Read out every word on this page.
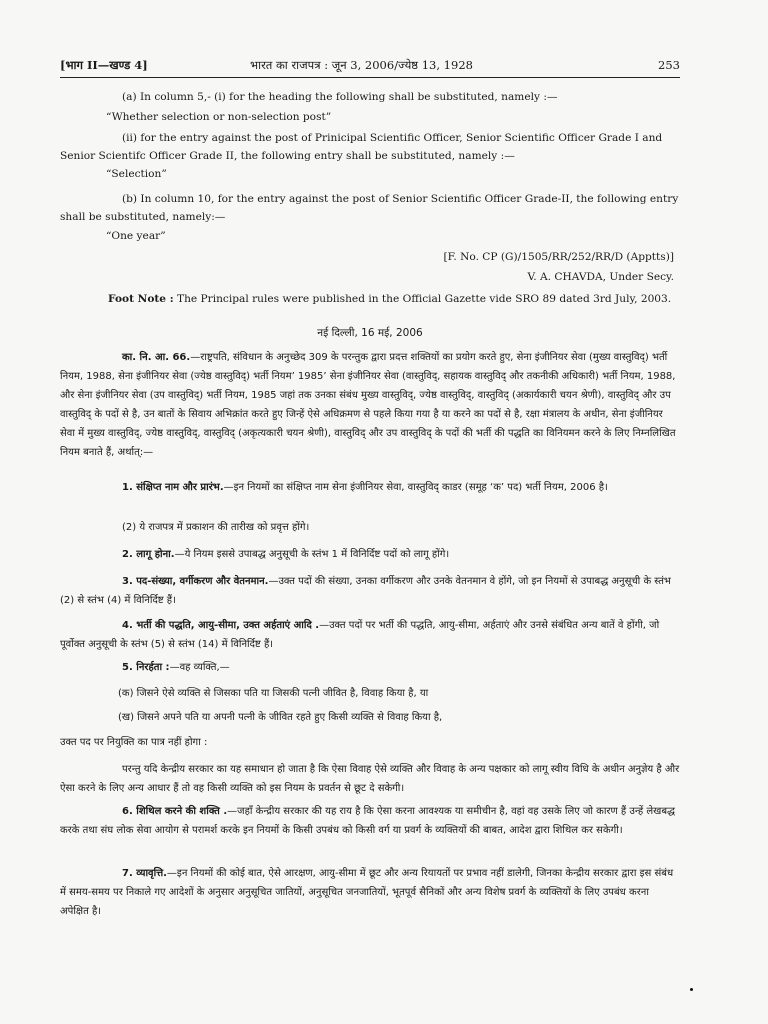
[भाग II—खण्ड 4]	भारत का राजपत्र : जून 3, 2006/ज्येष्ठ 13, 1928	253
(a) In column 5,- (i) for the heading the following shall be substituted, namely :—
“Whether selection or non-selection post”
(ii) for the entry against the post of Prinicipal Scientific Officer, Senior Scientific Officer Grade I and Senior Scientifc Officer Grade II, the following entry shall be substituted, namely :—
“Selection”
(b) In column 10, for the entry against the post of Senior Scientific Officer Grade-II, the following entry shall be substituted, namely:—
“One year”
[F. No. CP (G)/1505/RR/252/RR/D (Apptts)]
V. A. CHAVDA, Under Secy.
Foot Note : The Principal rules were published in the Official Gazette vide SRO 89 dated 3rd July, 2003.
नई दिल्ली, 16 मई, 2006
का. नि. आ. 66.—राष्ट्रपति, संविधान के अनुच्छेद 309 के परन्तुक द्वारा प्रदत्त शक्तियों का प्रयोग करते हुए, सेना इंजीनियर सेवा (मुख्य वास्तुविद्) भर्ती नियम, 1988, सेना इंजीनियर सेवा (ज्येष्ठ वास्तुविद्) भर्ती नियम’ 1985’ सेना इंजीनियर सेवा (वास्तुविद्, सहायक वास्तुविद् और तकनीकी अधिकारी) भर्ती नियम, 1988, और सेना इंजीनियर सेवा (उप वास्तुविद्) भर्ती नियम, 1985 जहां तक उनका संबंध मुख्य वास्तुविद्, ज्येष्ठ वास्तुविद्, वास्तुविद् (अकार्यकारी चयन श्रेणी), वास्तुविद् और उप वास्तुविद् के पदों से है, उन बातों के सिवाय अभिक्रांत करते हुए जिन्हें ऐसे अधिक्रमण से पहले किया गया है या करने का पदों से है, रक्षा मंत्रालय के अधीन, सेना इंजीनियर सेवा में मुख्य वास्तुविद्, ज्येष्ठ वास्तुविद्, वास्तुविद् (अकृत्यकारी चयन श्रेणी), वास्तुविद् और उप वास्तुविद् के पदों की भर्ती की पद्धति का विनियमन करने के लिए निम्नलिखित नियम बनाते हैं, अर्थात्:—
1. संक्षिप्त नाम और प्रारंभ.—इन नियमों का संक्षिप्त नाम सेना इंजीनियर सेवा, वास्तुविद् काडर (समूह ‘क’ पद) भर्ती नियम, 2006 है।
(2) ये राजपत्र में प्रकाशन की तारीख को प्रवृत्त होंगे।
2. लागू होना.—ये नियम इससे उपाबद्ध अनुसूची के स्तंभ 1 में विनिर्दिष्ट पदों को लागू होंगे।
3. पद-संख्या, वर्गीकरण और वेतनमान.—उक्त पदों की संख्या, उनका वर्गीकरण और उनके वेतनमान वे होंगे, जो इन नियमों से उपाबद्ध अनुसूची के स्तंभ (2) से स्तंभ (4) में विनिर्दिष्ट हैं।
4. भर्ती की पद्धति, आयु-सीमा, उक्त अर्हताएं आदि .—उक्त पदों पर भर्ती की पद्धति, आयु-सीमा, अर्हताएं और उनसे संबंधित अन्य बातें वे होंगी, जो पूर्वोक्त अनुसूची के स्तंभ (5) से स्तंभ (14) में विनिर्दिष्ट हैं।
5. निरर्हता :—वह व्यक्ति,—
(क) जिसने ऐसे व्यक्ति से जिसका पति या जिसकी पत्नी जीवित है, विवाह किया है, या
(ख) जिसने अपने पति या अपनी पत्नी के जीवित रहते हुए किसी व्यक्ति से विवाह किया है,
उक्त पद पर नियुक्ति का पात्र नहीं होगा :
परन्तु यदि केन्द्रीय सरकार का यह समाधान हो जाता है कि ऐसा विवाह ऐसे व्यक्ति और विवाह के अन्य पक्षकार को लागू स्वीय विधि के अधीन अनुज्ञेय है और ऐसा करने के लिए अन्य आधार हैं तो वह किसी व्यक्ति को इस नियम के प्रवर्तन से छूट दे सकेगी।
6. शिथिल करने की शक्ति .—जहाँ केन्द्रीय सरकार की यह राय है कि ऐसा करना आवश्यक या समीचीन है, वहां वह उसके लिए जो कारण हैं उन्हें लेखबद्ध करके तथा संघ लोक सेवा आयोग से परामर्श करके इन नियमों के किसी उपबंध को किसी वर्ग या प्रवर्ग के व्यक्तियों की बाबत, आदेश द्वारा शिथिल कर सकेगी।
7. व्यावृत्ति.—इन नियमों की कोई बात, ऐसे आरक्षण, आयु-सीमा में छूट और अन्य रियायतों पर प्रभाव नहीं डालेगी, जिनका केन्द्रीय सरकार द्वारा इस संबंध में समय-समय पर निकाले गए आदेशों के अनुसार अनुसूचित जातियों, अनुसूचित जनजातियों, भूतपूर्व सैनिकों और अन्य विशेष प्रवर्ग के व्यक्तियों के लिए उपबंध करना अपेक्षित है।
